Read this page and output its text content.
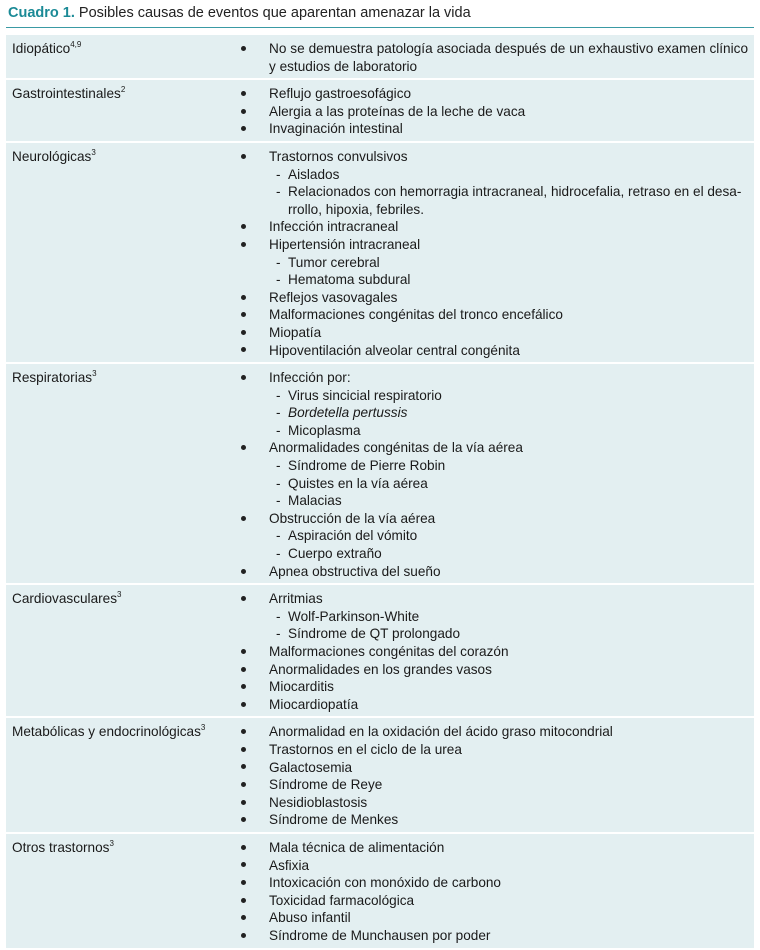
Cuadro 1. Posibles causas de eventos que aparentan amenazar la vida
Idiopático$^{4,9}$	No se demuestra patología asociada después de un exhaustivo examen clínico y estudios de laboratorio
Gastrointestinales$^2$	Reflujo gastroesofágico
Alergia a las proteínas de la leche de vaca
Invaginación intestinal
Neurológicas$^3$	Trastornos convulsivos
- Aislados
- Relacionados con hemorragia intracraneal, hidrocefalia, retraso en el desarrollo, hipoxia, febriles.
Infección intracraneal
Hipertensión intracraneal
- Tumor cerebral
- Hematoma subdural
Reflejos vasovagales
Malformaciones congénitas del tronco encefálico
Miopatía
Hipoventilación alveolar central congénita
Respiratorias$^3$	Infección por:
- Virus sincicial respiratorio
- Bordetella pertussis
- Micoplasma
Anormalidades congénitas de la vía aérea
- Síndrome de Pierre Robin
- Quistes en la vía aérea
- Malacias
Obstrucción de la vía aérea
- Aspiración del vómito
- Cuerpo extraño
Apnea obstructiva del sueño
Cardiovasculares$^3$	Arritmias
- Wolf-Parkinson-White
- Síndrome de QT prolongado
Malformaciones congénitas del corazón
Anormalidades en los grandes vasos
Miocarditis
Miocardiopatía
Metabólicas y endocrinológicas$^3$	Anormalidad en la oxidación del ácido graso mitocondrial
Trastornos en el ciclo de la urea
Galactosemia
Síndrome de Reye
Nesidioblastosis
Síndrome de Menkes
Otros trastornos$^3$	Mala técnica de alimentación
Asfixia
Intoxicación con monóxido de carbono
Toxicidad farmacológica
Abuso infantil
Síndrome de Munchausen por poder
